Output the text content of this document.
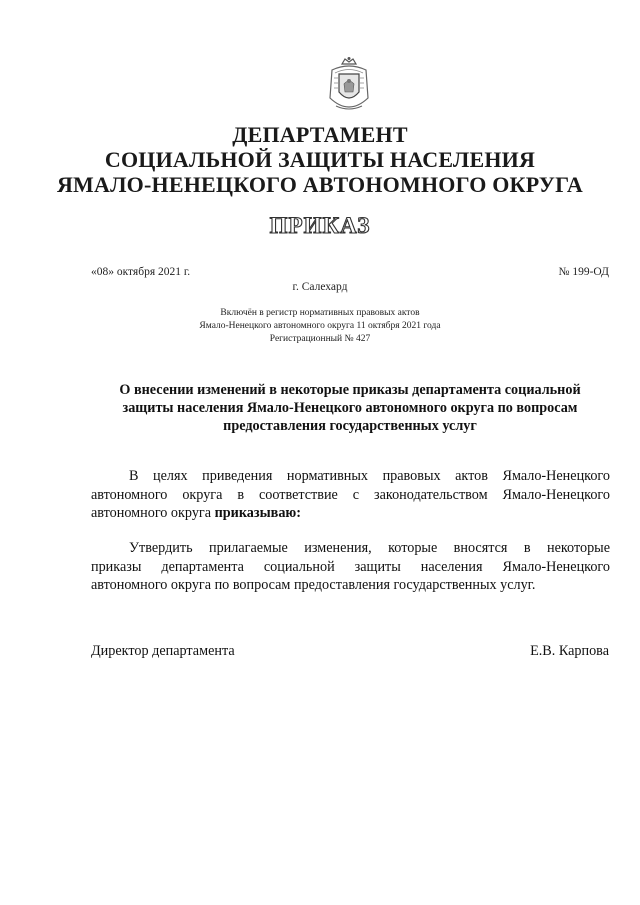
ДЕПАРТАМЕНТ
СОЦИАЛЬНОЙ ЗАЩИТЫ НАСЕЛЕНИЯ
ЯМАЛО-НЕНЕЦКОГО АВТОНОМНОГО ОКРУГА
ПРИКАЗ
«08» октября 2021 г.	№ 199-ОД
г. Салехард
Включён в регистр нормативных правовых актов
Ямало-Ненецкого автономного округа 11 октября 2021 года
Регистрационный № 427
О внесении изменений в некоторые приказы департамента социальной
защиты населения Ямало-Ненецкого автономного округа по вопросам
предоставления государственных услуг
В целях приведения нормативных правовых актов Ямало-Ненецкого
автономного округа в соответствие с законодательством Ямало-Ненецкого
автономного округа приказываю:
Утвердить прилагаемые изменения, которые вносятся в некоторые
приказы департамента социальной защиты населения Ямало-Ненецкого
автономного округа по вопросам предоставления государственных услуг.
Директор департамента	Е.В. Карпова
